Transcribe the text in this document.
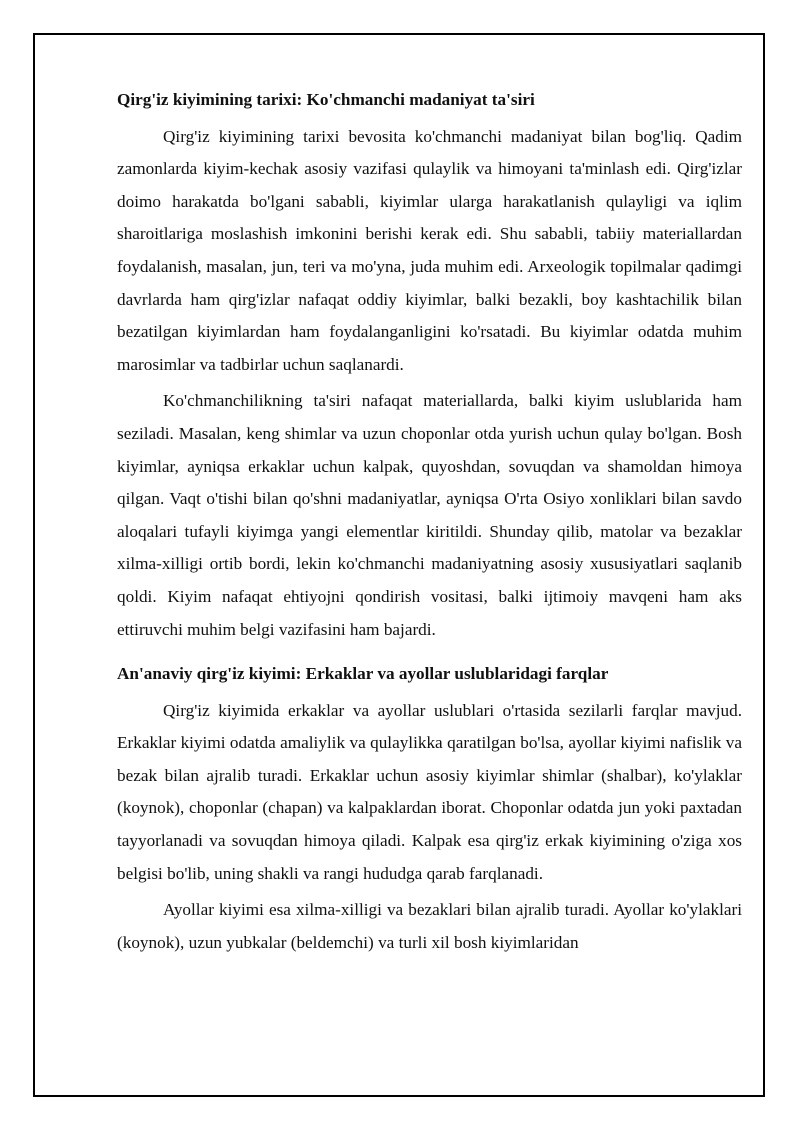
Qirg'iz kiyimining tarixi: Ko'chmanchi madaniyat ta'siri

Qirg'iz kiyimining tarixi bevosita ko'chmanchi madaniyat bilan bog'liq. Qadim zamonlarda kiyim-kechak asosiy vazifasi qulaylik va himoyani ta'minlash edi. Qirg'izlar doimo harakatda bo'lgani sababli, kiyimlar ularga harakatlanish qulayligi va iqlim sharoitlariga moslashish imkonini berishi kerak edi. Shu sababli, tabiiy materiallardan foydalanish, masalan, jun, teri va mo'yna, juda muhim edi. Arxeologik topilmalar qadimgi davrlarda ham qirg'izlar nafaqat oddiy kiyimlar, balki bezakli, boy kashtachilik bilan bezatilgan kiyimlardan ham foydalanganligini ko'rsatadi. Bu kiyimlar odatda muhim marosimlar va tadbirlar uchun saqlanardi.

Ko'chmanchilikning ta'siri nafaqat materiallarda, balki kiyim uslublarida ham seziladi. Masalan, keng shimlar va uzun choponlar otda yurish uchun qulay bo'lgan. Bosh kiyimlar, ayniqsa erkaklar uchun kalpak, quyoshdan, sovuqdan va shamoldan himoya qilgan. Vaqt o'tishi bilan qo'shni madaniyatlar, ayniqsa O'rta Osiyo xonliklari bilan savdo aloqalari tufayli kiyimga yangi elementlar kiritildi. Shunday qilib, matolar va bezaklar xilma-xilligi ortib bordi, lekin ko'chmanchi madaniyatning asosiy xususiyatlari saqlanib qoldi. Kiyim nafaqat ehtiyojni qondirish vositasi, balki ijtimoiy mavqeni ham aks ettiruvchi muhim belgi vazifasini ham bajardi.

An'anaviy qirg'iz kiyimi: Erkaklar va ayollar uslublaridagi farqlar

Qirg'iz kiyimida erkaklar va ayollar uslublari o'rtasida sezilarli farqlar mavjud. Erkaklar kiyimi odatda amaliylik va qulaylikka qaratilgan bo'lsa, ayollar kiyimi nafislik va bezak bilan ajralib turadi. Erkaklar uchun asosiy kiyimlar shimlar (shalbar), ko'ylaklar (koynok), choponlar (chapan) va kalpaklardan iborat. Choponlar odatda jun yoki paxtadan tayyorlanadi va sovuqdan himoya qiladi. Kalpak esa qirg'iz erkak kiyimining o'ziga xos belgisi bo'lib, uning shakli va rangi hududga qarab farqlanadi.

Ayollar kiyimi esa xilma-xilligi va bezaklari bilan ajralib turadi. Ayollar ko'ylaklari (koynok), uzun yubkalar (beldemchi) va turli xil bosh kiyimlaridan
